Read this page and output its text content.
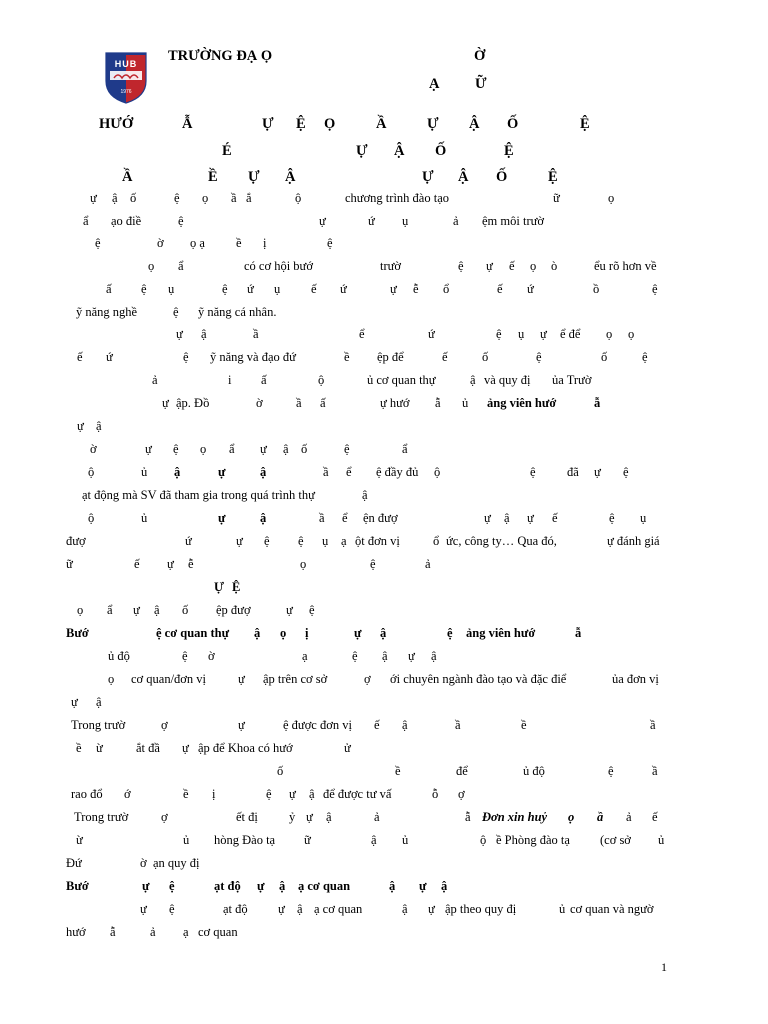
HUB
1976
TRƯỜNG ĐẠ Ọ	Ờ
Ạ Ữ
HƯỚ	Ẫ	Ự Ệ Ọ	Ầ	Ự Ậ Ố	Ệ
É	Ự Ậ Ố	Ệ
Ầ	Ề Ự Ậ	Ự Ậ Ố	Ệ
ự ậ ố	ệ ọ ầ ắ	ộ	chương trình đào tạo	ữ	ọ
ẩ ạo điề	ệ	ự	ứ ụ	ả ệm môi trườ
ệ	ờ ọ ạ ề ị	ệ
ọ ẩ	có cơ hội bướ	trườ	ệ ự ế ọ ò	ểu rõ hơn về
ấ ệ ụ	ệ ứ ụ ế ứ	ự ễ ổ	ế ứ	ồ	ệ
ỹ năng nghề	ệ ỹ năng cá nhân.
ự ậ	ầ	ể	ứ	ệ ụ ự ể để ọ ọ
ế ứ	ệ ỹ năng và đạo đứ	ề ệp để	ế	ố	ệ	ố	ệ
ả	i ấ	ộ	ủ cơ quan thự	ậ và quy đị ủa Trườ
ự ập. Đồ	ờ	ầ ấ	ự hướ ẫ ủ ảng viên hướ	ẫ
ự ậ
ờ	ự ệ ọ ẩ ự ậ ố	ệ	ẩ
ộ	ủ ậ	ự	ậ	ầ ể ệ đầy đủ ộ	ệ	đã ự ệ
ạt động mà SV đã tham gia trong quá trình thự	ậ
ộ	ủ	ự	ậ	ầ ể ện đượ	ự ậ ự ế	ệ ụ
đượ	ứ	ự ệ ệ ụ ạ ột đơn vị	ổ ức, công ty… Qua đó,	ự đánh giá
ữ	ế ự ễ	ọ	ệ	ả
Ự Ệ
ọ ẩ ự ậ ố ệp đượ	ự ệ
Bướ	ệ cơ quan thự ậ ọ ị	ự ậ	ệ ảng viên hướ	ẫ
ủ độ	ệ ờ	ạ	ệ ậ ự ậ
ọ cơ quan/đơn vị	ự ập trên cơ sở	ợ ới chuyên ngành đào tạo và đặc điể	ủa đơn vị
ự ậ
Trong trườ	ợ	ự	ệ được đơn vị ế ậ	ầ	ề	ầ
ề ừ	ắt đầ ự ập để Khoa có hướ	ử
ố	ề	để	ủ độ	ệ	ầ
rao đổ ớ	ề ị	ệ ự ậ để được tư vấ	ỗ ợ
Trong trườ	ợ	ết đị ỷ ự ậ	ả	ẫ Đơn xin huỷ ọ ầ ả ế
ừ	ủ hòng Đào tạ ữ	ậ ủ	ộ ề Phòng đào tạ (cơ sở ủ
Đứ	ờ ạn quy đị
Bướ	ự ệ	ạt độ ự ậ ạ cơ quan	ậ ự ậ
ự ệ	ạt độ ự ậ ạ cơ quan	ậ ự ập theo quy đị	ủ cơ quan và ngườ
hướ ẫ	ả ạ cơ quan
1
